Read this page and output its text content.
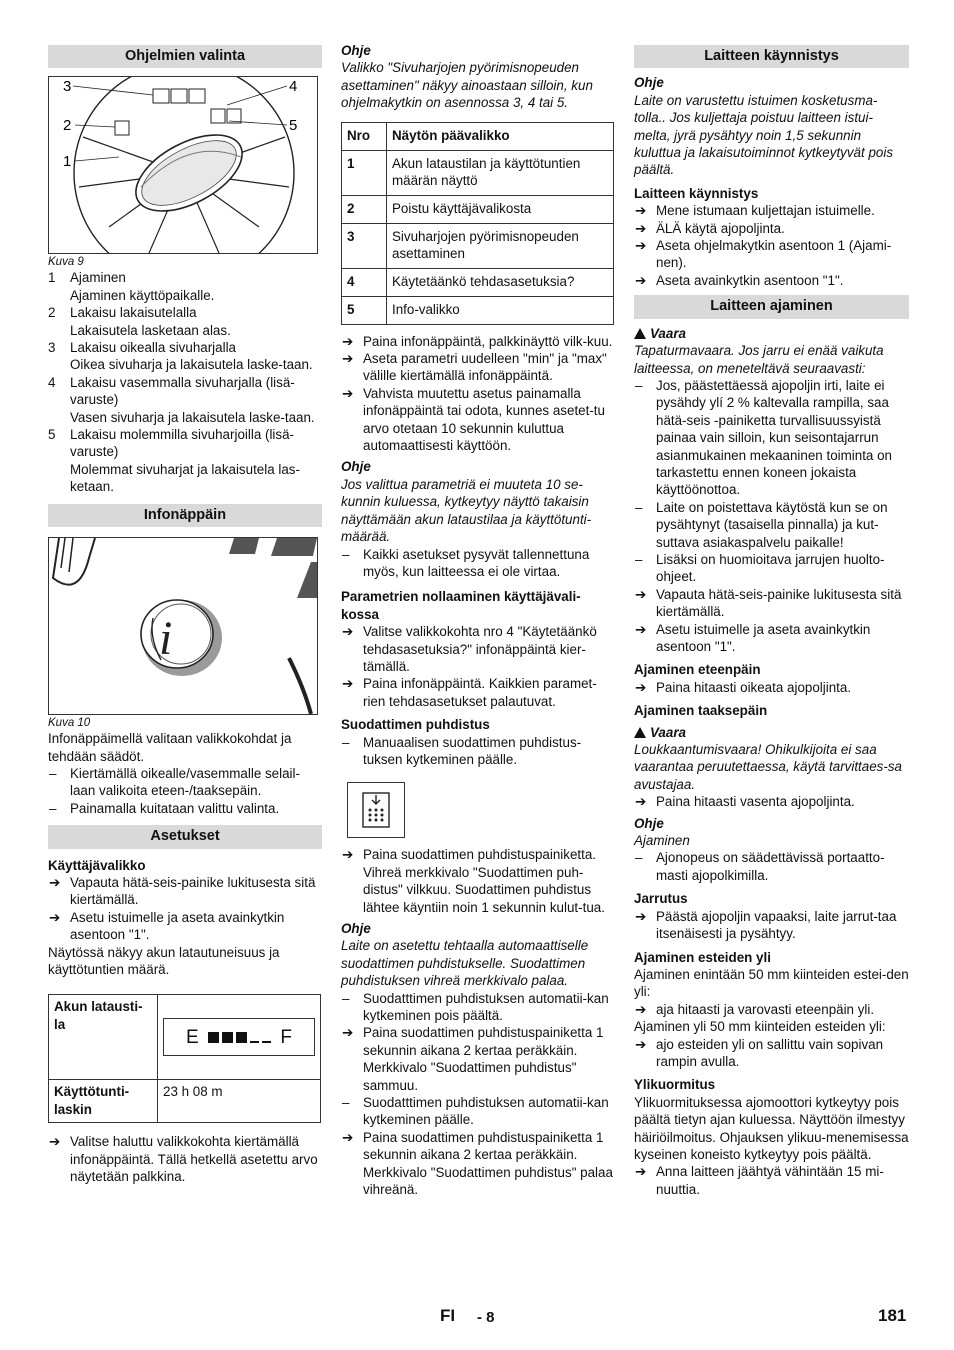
Ohjelmien valinta
3	4
2	5
1
Kuva 9
1 Ajaminen
Ajaminen käyttöpaikalle.
2 Lakaisu lakaisutelalla
Lakaisutela lasketaan alas.
3 Lakaisu oikealla sivuharjalla
Oikea sivuharja ja lakaisutela laske-taan.
4 Lakaisu vasemmalla sivuharjalla (lisä-varuste)
Vasen sivuharja ja lakaisutela laske-taan.
5 Lakaisu molemmilla sivuharjoilla (lisä-varuste)
Molemmat sivuharjat ja lakaisutela las-ketaan.
Infonäppäin
i
Kuva 10

Infonäppäimellä valitaan valikkokohdat ja tehdään säädöt.

– Kiertämällä oikealle/vasemmalle selail-laan valikoita eteen-/taaksepäin.
– Painamalla kuitataan valittu valinta.
Asetukset
Käyttäjävalikko
➔ Vapauta hätä-seis-painike lukitusesta sitä kiertämällä.
➔ Asetu istuimelle ja aseta avainkytkin asentoon "1".

Näytössä näkyy akun latautuneisuus ja käyttötuntien määrä.

Akun latausti-la	E F

Käyttötunti-laskin	23 h 08 m
➔ Valitse haluttu valikkokohta kiertämällä infonäppäintä. Tällä hetkellä asetettu arvo näytetään palkkina.
Ohje
Valikko "Sivuharjojen pyörimisnopeuden asettaminen" näkyy ainoastaan silloin, kun ohjelmakytkin on asennossa 3, 4 tai 5.
Nro	Näytön päävalikko
1	Akun lataustilan ja käyttötuntien määrän näyttö
2	Poistu käyttäjävalikosta
3	Sivuharjojen pyörimisnopeuden asettaminen
4	Käytetäänkö tehdasasetuksia?
5	Info-valikko
➔ Paina infonäppäintä, palkkinäyttö vilk-kuu.
➔ Aseta parametri uudelleen "min" ja "max" välille kiertämällä infonäppäintä.
➔ Vahvista muutettu asetus painamalla infonäppäintä tai odota, kunnes asetet-tu arvo otetaan 10 sekunnin kuluttua automaattisesti käyttöön.
Ohje
Jos valittua parametriä ei muuteta 10 se-kunnin kuluessa, kytkeytyy näyttö takaisin näyttämään akun lataustilaa ja käyttötunti-määrää.
– Kaikki asetukset pysyvät tallennettuna myös, kun laitteessa ei ole virtaa.
Parametrien nollaaminen käyttäjävali-kossa
➔ Valitse valikkokohta nro 4 "Käytetäänkö tehdasasetuksia?" infonäppäintä kier-tämällä.
➔ Paina infonäppäintä. Kaikkien paramet-rien tehdasasetukset palautuvat.
Suodattimen puhdistus
– Manuaalisen suodattimen puhdistus-tuksen kytkeminen päälle.
➔ Paina suodattimen puhdistuspainiketta. Vihreä merkkivalo "Suodattimen puh-distus" vilkkuu. Suodattimen puhdistus lähtee käyntiin noin 1 sekunnin kulut-tua.
Ohje
Laite on asetettu tehtaalla automaattiselle suodattimen puhdistukselle. Suodattimen puhdistuksen vihreä merkkivalo palaa.
– Suodatttimen puhdistuksen automatii-kan kytkeminen pois päältä.
➔ Paina suodattimen puhdistuspainiketta 1 sekunnin aikana 2 kertaa peräkkäin. Merkkivalo "Suodattimen puhdistus" sammuu.
– Suodatttimen puhdistuksen automatii-kan kytkeminen päälle.
➔ Paina suodattimen puhdistuspainiketta 1 sekunnin aikana 2 kertaa peräkkäin. Merkkivalo "Suodattimen puhdistus" palaa vihreänä.
Laitteen käynnistys
Ohje
Laite on varustettu istuimen kosketusma-tolla.. Jos kuljettaja poistuu laitteen istui-melta, jyrä pysähtyy noin 1,5 sekunnin kuluttua ja lakaisutoiminnot kytkeytyvät pois päältä.
Laitteen käynnistys
➔ Mene istumaan kuljettajan istuimelle.
➔ ÄLÄ käytä ajopoljinta.
➔ Aseta ohjelmakytkin asentoon 1 (Ajami-nen).
➔ Aseta avainkytkin asentoon "1".
Laitteen ajaminen
Vaara
Tapaturmavaara. Jos jarru ei enää vaikuta laitteessa, on meneteltävä seuraavasti:
– Jos, päästettäessä ajopoljin irti, laite ei pysähdy ylí 2 % kaltevalla rampilla, saa hätä-seis -painiketta turvallisuussyistä painaa vain silloin, kun seisontajarrun asianmukainen mekaaninen toiminta on tarkastettu ennen koneen jokaista käyttöönottoa.
– Laite on poistettava käytöstä kun se on pysähtynyt (tasaisella pinnalla) ja kut-suttava asiakaspalvelu paikalle!
– Lisäksi on huomioitava jarrujen huolto-ohjeet.
➔ Vapauta hätä-seis-painike lukitusesta sitä kiertämällä.
➔ Asetu istuimelle ja aseta avainkytkin asentoon "1".
Ajaminen eteenpäin
➔ Paina hitaasti oikeata ajopoljinta.
Ajaminen taaksepäin
Vaara
Loukkaantumisvaara! Ohikulkijoita ei saa vaarantaa peruutettaessa, käytä tarvittaes-sa avustajaa.
➔ Paina hitaasti vasenta ajopoljinta.
Ohje
Ajaminen
– Ajonopeus on säädettävissä portaatto-masti ajopolkimilla.
Jarrutus
➔ Päästä ajopoljin vapaaksi, laite jarrut-taa itsenäisesti ja pysähtyy.
Ajaminen esteiden yli

Ajaminen enintään 50 mm kiinteiden estei-den yli:

➔ aja hitaasti ja varovasti eteenpäin yli.

Ajaminen yli 50 mm kiinteiden esteiden yli:

➔ ajo esteiden yli on sallittu vain sopivan rampin avulla.
Ylikuormitus

Ylikuormituksessa ajomoottori kytkeytyy pois päältä tietyn ajan kuluessa. Näyttöön ilmestyy häiriöilmoitus. Ohjauksen ylikuu-menemisessa kyseinen koneisto kytkeytyy pois päältä.

➔ Anna laitteen jäähtyä vähintään 15 mi-nuuttia.
FI - 8	181
